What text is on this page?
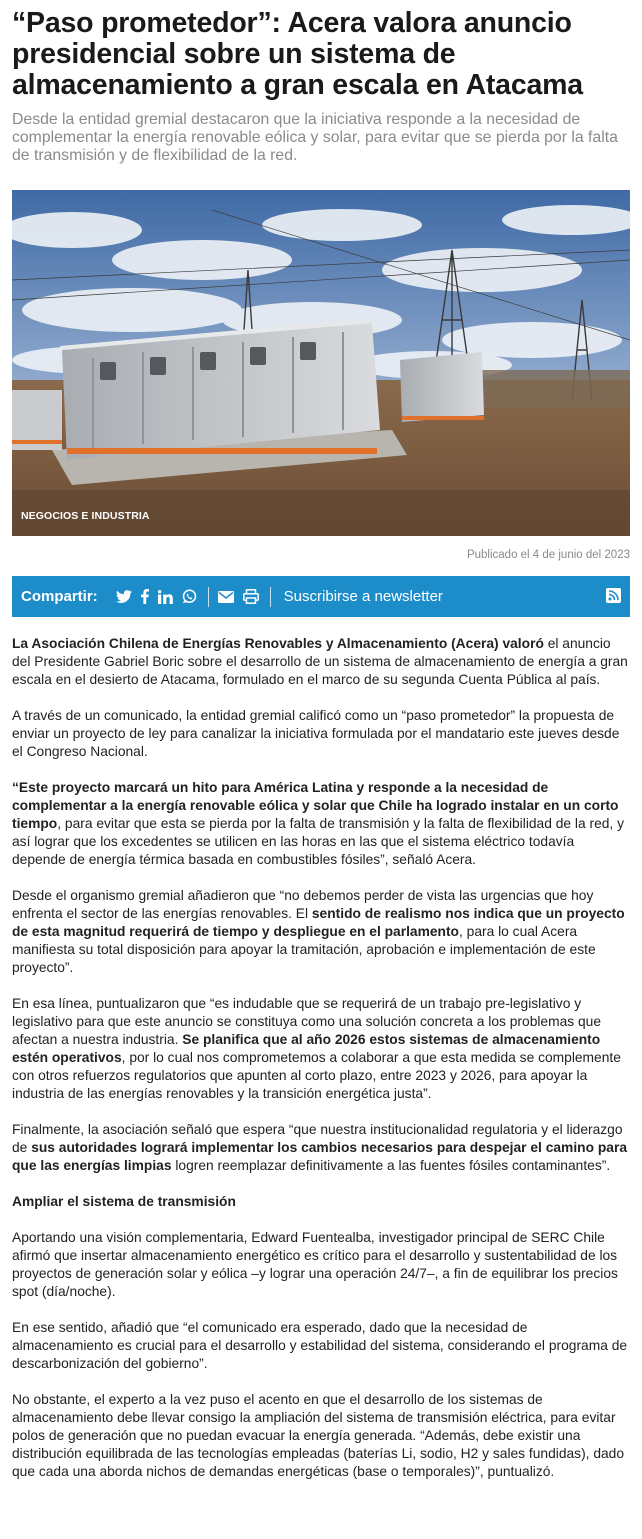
“Paso prometedor”: Acera valora anuncio presidencial sobre un sistema de almacenamiento a gran escala en Atacama

Desde la entidad gremial destacaron que la iniciativa responde a la necesidad de complementar la energía renovable eólica y solar, para evitar que se pierda por la falta de transmisión y de flexibilidad de la red.

NEGOCIOS E INDUSTRIA
Publicado el 4 de junio del 2023
Compartir:	Suscribirse a newsletter

La Asociación Chilena de Energías Renovables y Almacenamiento (Acera) valoró el anuncio del Presidente Gabriel Boric sobre el desarrollo de un sistema de almacenamiento de energía a gran escala en el desierto de Atacama, formulado en el marco de su segunda Cuenta Pública al país.

A través de un comunicado, la entidad gremial calificó como un “paso prometedor” la propuesta de enviar un proyecto de ley para canalizar la iniciativa formulada por el mandatario este jueves desde el Congreso Nacional.

“Este proyecto marcará un hito para América Latina y responde a la necesidad de complementar a la energía renovable eólica y solar que Chile ha logrado instalar en un corto tiempo, para evitar que esta se pierda por la falta de transmisión y la falta de flexibilidad de la red, y así lograr que los excedentes se utilicen en las horas en las que el sistema eléctrico todavía depende de energía térmica basada en combustibles fósiles”, señaló Acera.

Desde el organismo gremial añadieron que “no debemos perder de vista las urgencias que hoy enfrenta el sector de las energías renovables. El sentido de realismo nos indica que un proyecto de esta magnitud requerirá de tiempo y despliegue en el parlamento, para lo cual Acera manifiesta su total disposición para apoyar la tramitación, aprobación e implementación de este proyecto”.

En esa línea, puntualizaron que “es indudable que se requerirá de un trabajo pre-legislativo y legislativo para que este anuncio se constituya como una solución concreta a los problemas que afectan a nuestra industria. Se planifica que al año 2026 estos sistemas de almacenamiento estén operativos, por lo cual nos comprometemos a colaborar a que esta medida se complemente con otros refuerzos regulatorios que apunten al corto plazo, entre 2023 y 2026, para apoyar la industria de las energías renovables y la transición energética justa”.

Finalmente, la asociación señaló que espera “que nuestra institucionalidad regulatoria y el liderazgo de sus autoridades logrará implementar los cambios necesarios para despejar el camino para que las energías limpias logren reemplazar definitivamente a las fuentes fósiles contaminantes”.

Ampliar el sistema de transmisión

Aportando una visión complementaria, Edward Fuentealba, investigador principal de SERC Chile afirmó que insertar almacenamiento energético es crítico para el desarrollo y sustentabilidad de los proyectos de generación solar y eólica –y lograr una operación 24/7–, a fin de equilibrar los precios spot (día/noche).

En ese sentido, añadió que “el comunicado era esperado, dado que la necesidad de almacenamiento es crucial para el desarrollo y estabilidad del sistema, considerando el programa de descarbonización del gobierno”.

No obstante, el experto a la vez puso el acento en que el desarrollo de los sistemas de almacenamiento debe llevar consigo la ampliación del sistema de transmisión eléctrica, para evitar polos de generación que no puedan evacuar la energía generada. “Además, debe existir una distribución equilibrada de las tecnologías empleadas (baterías Li, sodio, H2 y sales fundidas), dado que cada una aborda nichos de demandas energéticas (base o temporales)”, puntualizó.
